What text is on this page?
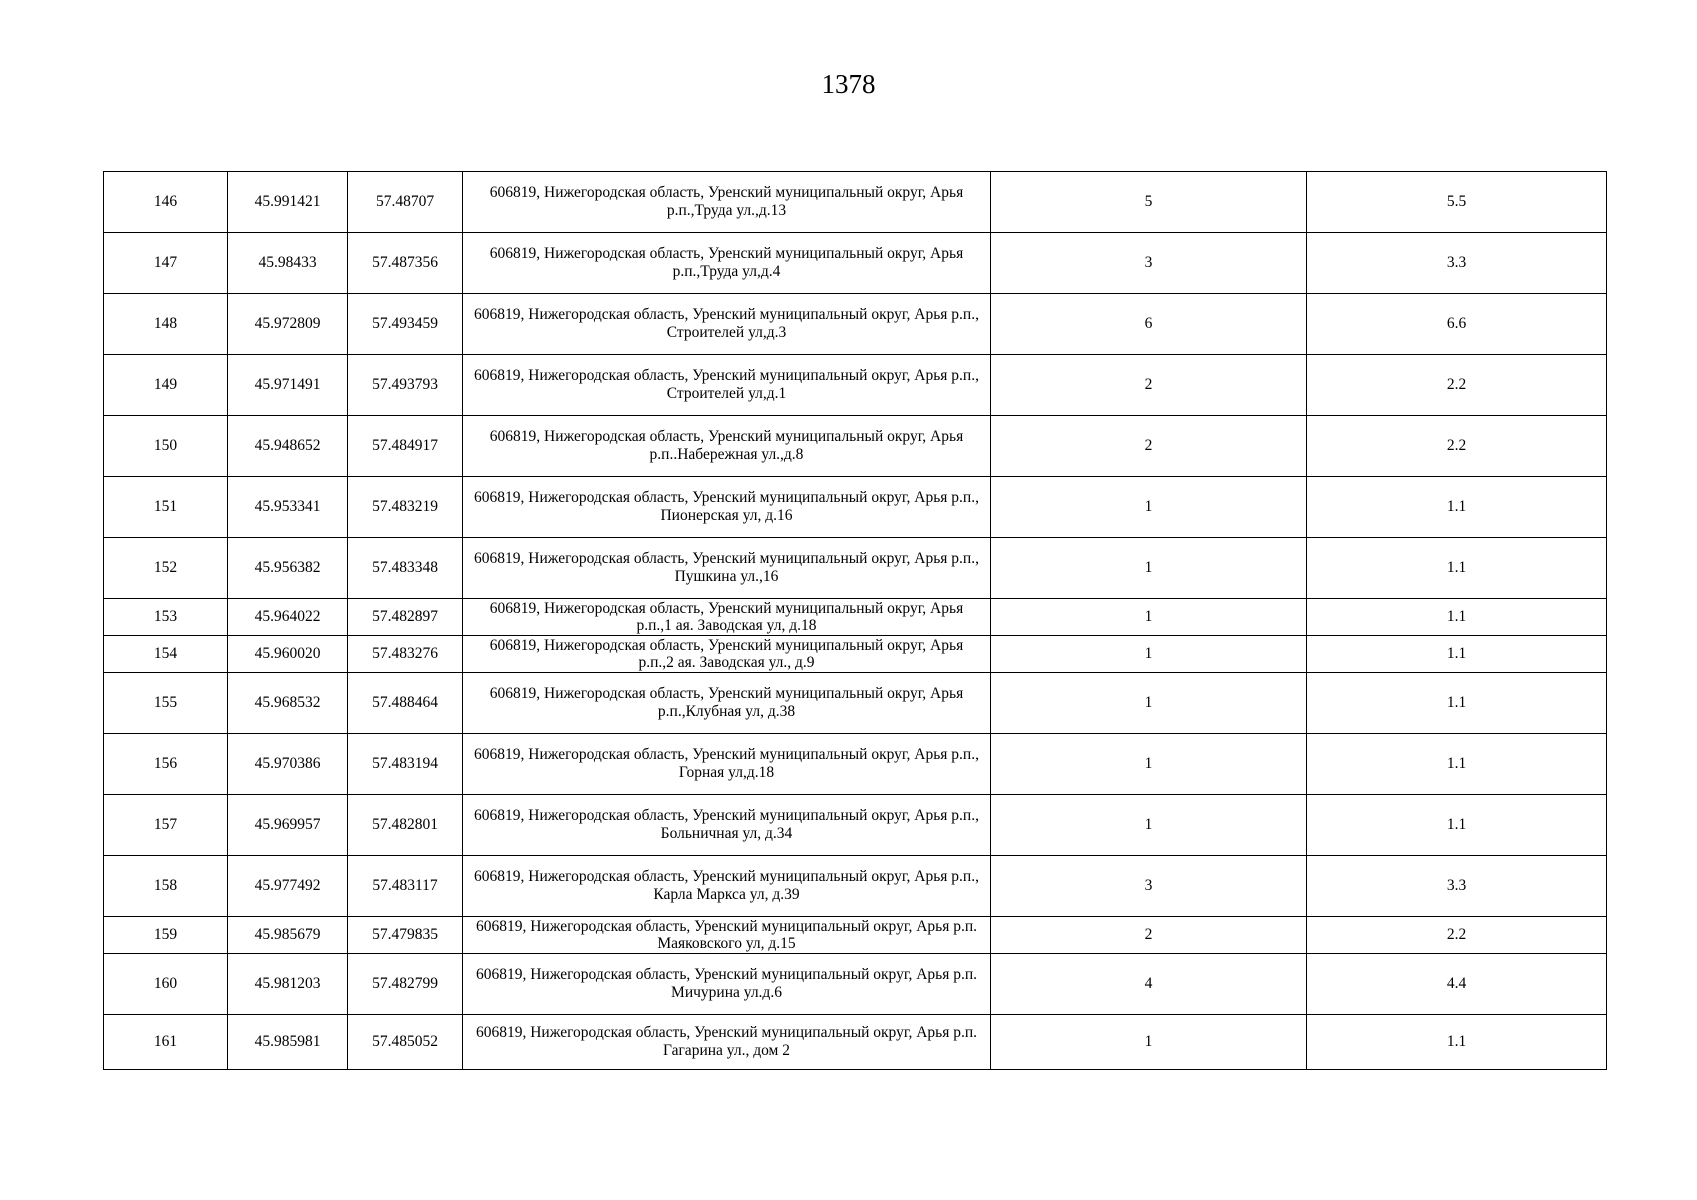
1378
146	45.991421	57.48707	606819, Нижегородская область, Уренский муниципальный округ, Арья р.п.,Труда ул.,д.13	5	5.5
147	45.98433	57.487356	606819, Нижегородская область, Уренский муниципальный округ, Арья р.п.,Труда ул,д.4	3	3.3
148	45.972809	57.493459	606819, Нижегородская область, Уренский муниципальный округ, Арья р.п., Строителей ул,д.3	6	6.6
149	45.971491	57.493793	606819, Нижегородская область, Уренский муниципальный округ, Арья р.п., Строителей ул,д.1	2	2.2
150	45.948652	57.484917	606819, Нижегородская область, Уренский муниципальный округ, Арья р.п..Набережная ул.,д.8	2	2.2
151	45.953341	57.483219	606819, Нижегородская область, Уренский муниципальный округ, Арья р.п., Пионерская ул, д.16	1	1.1
152	45.956382	57.483348	606819, Нижегородская область, Уренский муниципальный округ, Арья р.п., Пушкина ул.,16	1	1.1
153	45.964022	57.482897	606819, Нижегородская область, Уренский муниципальный округ, Арья р.п.,1 ая. Заводская ул, д.18	1	1.1
154	45.960020	57.483276	606819, Нижегородская область, Уренский муниципальный округ, Арья р.п.,2 ая. Заводская ул., д.9	1	1.1
155	45.968532	57.488464	606819, Нижегородская область, Уренский муниципальный округ, Арья р.п.,Клубная ул, д.38	1	1.1
156	45.970386	57.483194	606819, Нижегородская область, Уренский муниципальный округ, Арья р.п., Горная ул,д.18	1	1.1
157	45.969957	57.482801	606819, Нижегородская область, Уренский муниципальный округ, Арья р.п., Больничная ул, д.34	1	1.1
158	45.977492	57.483117	606819, Нижегородская область, Уренский муниципальный округ, Арья р.п., Карла Маркса ул, д.39	3	3.3
159	45.985679	57.479835	606819, Нижегородская область, Уренский муниципальный округ, Арья р.п. Маяковского ул, д.15	2	2.2
160	45.981203	57.482799	606819, Нижегородская область, Уренский муниципальный округ, Арья р.п. Мичурина ул.д.6	4	4.4
161	45.985981	57.485052	606819, Нижегородская область, Уренский муниципальный округ, Арья р.п. Гагарина ул., дом 2	1	1.1
